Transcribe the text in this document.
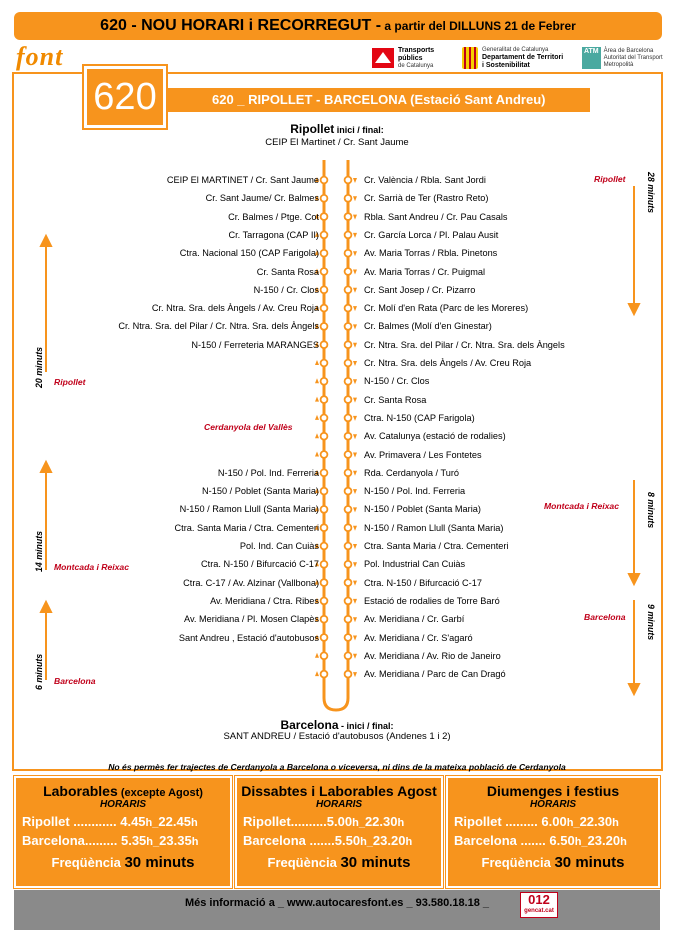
620 - NOU HORARI i RECORREGUT - a partir del DILLUNS 21 de Febrer
font	Transports
públics
de Catalunya
Generalitat de Catalunya
Departament de Territori
i Sostenibilitat
ATM Àrea de Barcelona
Autoritat del Transport
Metropolità
620 _ RIPOLLET - BARCELONA (Estació Sant Andreu)
620
Ripollet inici / final:
CEIP El Martinet / Cr. Sant Jaume
CEIP El MARTINET / Cr. Sant Jaume
Cr. Sant Jaume/ Cr. Balmes
Cr. Balmes / Ptge. Cot
Cr. Tarragona (CAP II)
Ctra. Nacional 150 (CAP Farigola)
Cr. Santa Rosa
N-150 / Cr. Clos
Cr. Ntra. Sra. dels Àngels / Av. Creu Roja
Cr. Ntra. Sra. del Pilar / Cr. Ntra. Sra. dels Àngels
N-150 / Ferreteria MARANGES
N-150 / Pol. Ind. Ferreria
N-150 / Poblet (Santa Maria)
N-150 / Ramon Llull (Santa Maria)
Ctra. Santa Maria / Ctra. Cementeri
Pol. Ind. Can Cuiàs
Ctra. N-150 / Bifurcació C-17
Ctra. C-17 / Av. Alzinar (Vallbona)
Av. Meridiana / Ctra. Ribes
Av. Meridiana / Pl. Mosen Clapès
Sant Andreu , Estació d'autobusos
Cr. València / Rbla. Sant Jordi
Cr. Sarrià de Ter (Rastro Reto)
Rbla. Sant Andreu / Cr. Pau Casals
Cr. García Lorca / Pl. Palau Ausit
Av. Maria Torras / Rbla. Pinetons
Av. Maria Torras / Cr. Puigmal
Cr. Sant Josep / Cr. Pizarro
Cr. Molí d'en Rata (Parc de les Moreres)
Cr. Balmes (Molí d'en Ginestar)
Cr. Ntra. Sra. del Pilar / Cr. Ntra. Sra. dels Àngels
Cr. Ntra. Sra. dels Àngels / Av. Creu Roja
N-150 / Cr. Clos
Cr. Santa Rosa
Ctra. N-150 (CAP Farigola)
Av. Catalunya (estació de rodalies)
Av. Primavera / Les Fontetes
Rda. Cerdanyola / Turó
N-150 / Pol. Ind. Ferreria
N-150 / Poblet (Santa Maria)
N-150 / Ramon Llull (Santa Maria)
Ctra. Santa Maria / Ctra. Cementeri
Pol. Industrial Can Cuiàs
Ctra. N-150 / Bifurcació C-17
Estació de rodalies de Torre Baró
Av. Meridiana / Cr. Garbí
Av. Meridiana / Cr. S'agaró
Av. Meridiana / Av. Rio de Janeiro
Av. Meridiana / Parc de Can Dragó
Cerdanyola del Vallès
Ripollet
Montcada i Reixac
Barcelona
Ripollet
Montcada i Reixac
Barcelona
20 minuts
14 minuts
6 minuts
28 minuts
8 minuts
9 minuts
Barcelona - inici / final:
SANT ANDREU / Estació d'autobusos (Andenes 1 i 2)
No és permès fer trajectes de Cerdanyola a Barcelona o viceversa, ni dins de la mateixa població de Cerdanyola
Laborables (excepte Agost)
HORARIS
Ripollet ............ 4.45h_22.45h
Barcelona......... 5.35h_23.35h
Freqüència 30 minuts
Dissabtes i Laborables Agost
HORARIS
Ripollet..........5.00h_22.30h
Barcelona .......5.50h_23.20h
Freqüència 30 minuts
Diumenges i festius
HORARIS
Ripollet ......... 6.00h_22.30h
Barcelona ....... 6.50h_23.20h
Freqüència 30 minuts
Més informació a _ www.autocaresfont.es _ 93.580.18.18 _	012
gencat.cat
